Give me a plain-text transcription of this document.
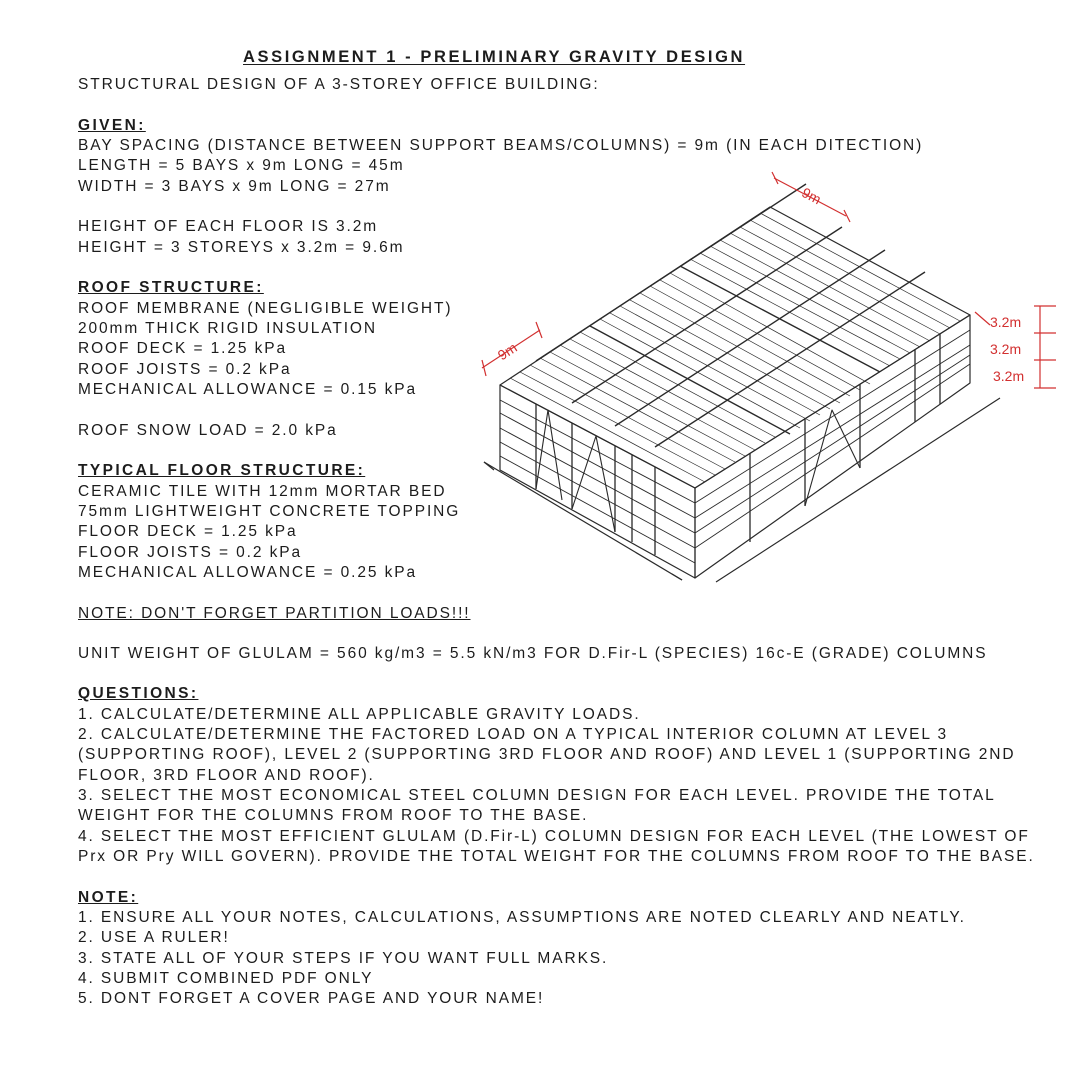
ASSIGNMENT 1 - PRELIMINARY GRAVITY DESIGN
STRUCTURAL DESIGN OF A 3-STOREY OFFICE BUILDING:
GIVEN:
BAY SPACING (DISTANCE BETWEEN SUPPORT BEAMS/COLUMNS) = 9m (IN EACH DITECTION)
LENGTH = 5 BAYS x 9m LONG = 45m
WIDTH = 3 BAYS x 9m LONG = 27m
HEIGHT OF EACH FLOOR IS 3.2m
HEIGHT = 3 STOREYS x 3.2m = 9.6m
ROOF STRUCTURE:
ROOF MEMBRANE (NEGLIGIBLE WEIGHT)
200mm THICK RIGID INSULATION
ROOF DECK = 1.25 kPa
ROOF JOISTS = 0.2 kPa
MECHANICAL ALLOWANCE = 0.15 kPa
ROOF SNOW LOAD = 2.0 kPa
TYPICAL FLOOR STRUCTURE:
CERAMIC TILE WITH 12mm MORTAR BED
75mm LIGHTWEIGHT CONCRETE TOPPING
FLOOR DECK = 1.25 kPa
FLOOR JOISTS = 0.2 kPa
MECHANICAL ALLOWANCE = 0.25 kPa
NOTE: DON'T FORGET PARTITION LOADS!!!
UNIT WEIGHT OF GLULAM = 560 kg/m3 = 5.5 kN/m3 FOR D.Fir-L (SPECIES) 16c-E (GRADE) COLUMNS
QUESTIONS:
1. CALCULATE/DETERMINE ALL APPLICABLE GRAVITY LOADS.
2. CALCULATE/DETERMINE THE FACTORED LOAD ON A TYPICAL INTERIOR COLUMN AT LEVEL 3 (SUPPORTING ROOF), LEVEL 2 (SUPPORTING 3RD FLOOR AND ROOF) AND LEVEL 1 (SUPPORTING 2ND FLOOR, 3RD FLOOR AND ROOF).
3. SELECT THE MOST ECONOMICAL STEEL COLUMN DESIGN FOR EACH LEVEL. PROVIDE THE TOTAL WEIGHT FOR THE COLUMNS FROM ROOF TO THE BASE.
4. SELECT THE MOST EFFICIENT GLULAM (D.Fir-L) COLUMN DESIGN FOR EACH LEVEL (THE LOWEST OF Prx OR Pry WILL GOVERN). PROVIDE THE TOTAL WEIGHT FOR THE COLUMNS FROM ROOF TO THE BASE.
NOTE:
1. ENSURE ALL YOUR NOTES, CALCULATIONS, ASSUMPTIONS ARE NOTED CLEARLY AND NEATLY.
2. USE A RULER!
3. STATE ALL OF YOUR STEPS IF YOU WANT FULL MARKS.
4. SUBMIT COMBINED PDF ONLY
5. DONT FORGET A COVER PAGE AND YOUR NAME!
9m
9m
3.2m
3.2m
3.2m
